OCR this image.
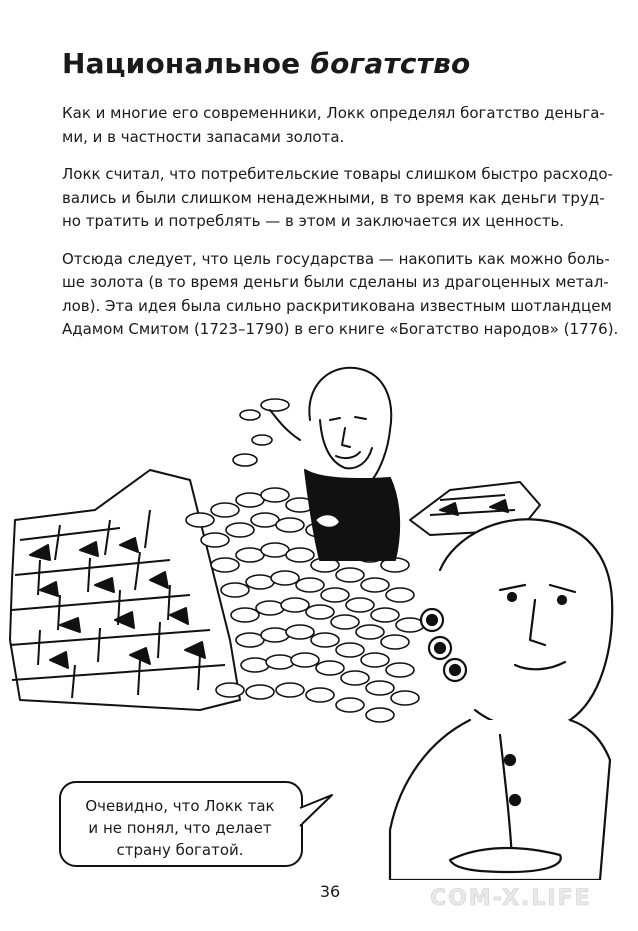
Национальное богатство

Как и многие его современники, Локк определял богатство деньга-
ми, и в частности запасами золота.

Локк считал, что потребительские товары слишком быстро расходо-
вались и были слишком ненадежными, в то время как деньги труд-
но тратить и потреблять — в этом и заключается их ценность.

Отсюда следует, что цель государства — накопить как можно боль-
ше золота (в то время деньги были сделаны из драгоценных метал-
лов). Эта идея была сильно раскритикована известным шотландцем
Адамом Смитом (1723–1790) в его книге «Богатство народов» (1776).

Очевидно, что Локк так
и не понял, что делает
страну богатой.
36	COM-X.LIFE
